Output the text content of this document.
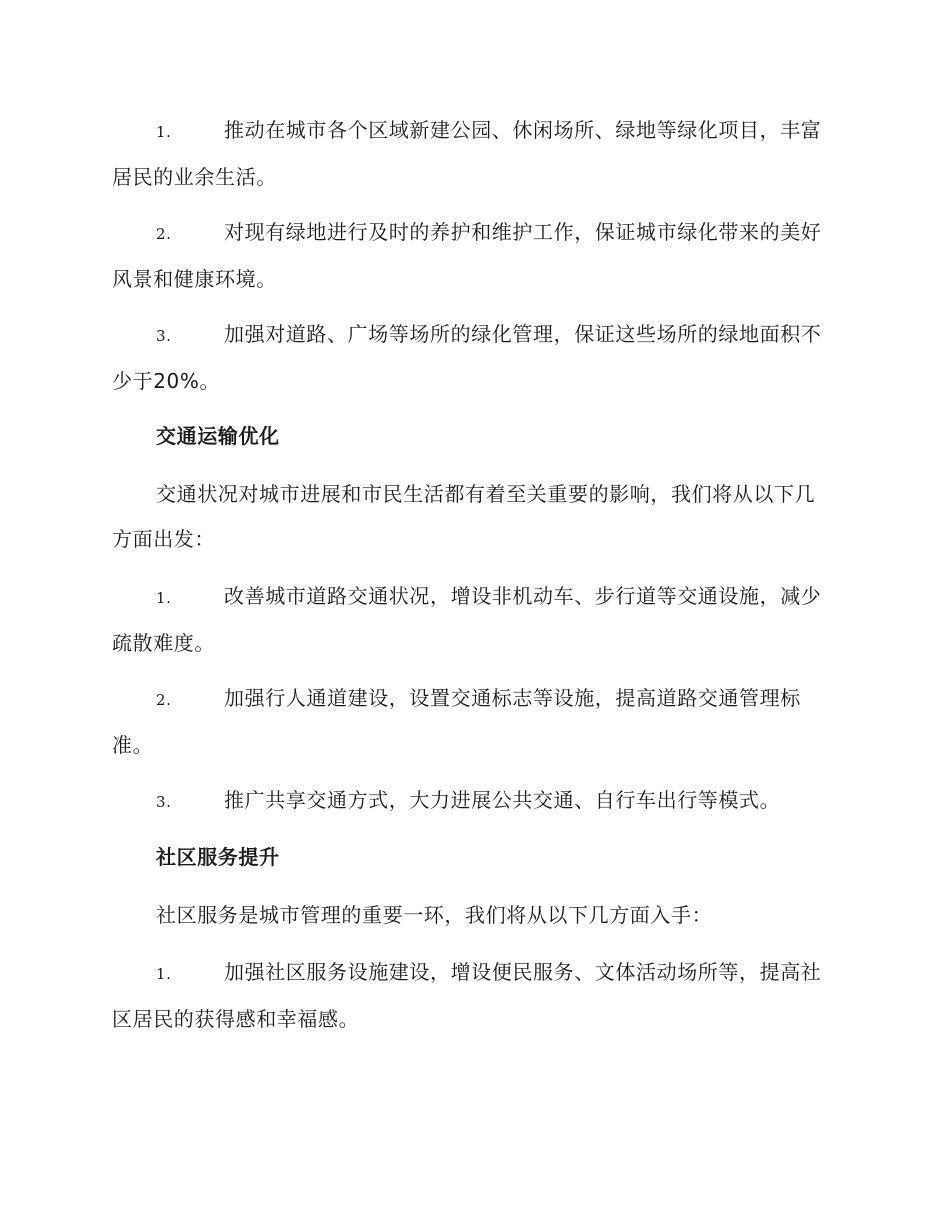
1.	推动在城市各个区域新建公园、休闲场所、绿地等绿化项目，丰富居民的业余生活。

2.	对现有绿地进行及时的养护和维护工作，保证城市绿化带来的美好风景和健康环境。

3.	加强对道路、广场等场所的绿化管理，保证这些场所的绿地面积不少于20%。

交通运输优化

交通状况对城市进展和市民生活都有着至关重要的影响，我们将从以下几方面出发：

1.	改善城市道路交通状况，增设非机动车、步行道等交通设施，减少疏散难度。

2.	加强行人通道建设，设置交通标志等设施，提高道路交通管理标准。

3.	推广共享交通方式，大力进展公共交通、自行车出行等模式。

社区服务提升

社区服务是城市管理的重要一环，我们将从以下几方面入手：

1.	加强社区服务设施建设，增设便民服务、文体活动场所等，提高社区居民的获得感和幸福感。
